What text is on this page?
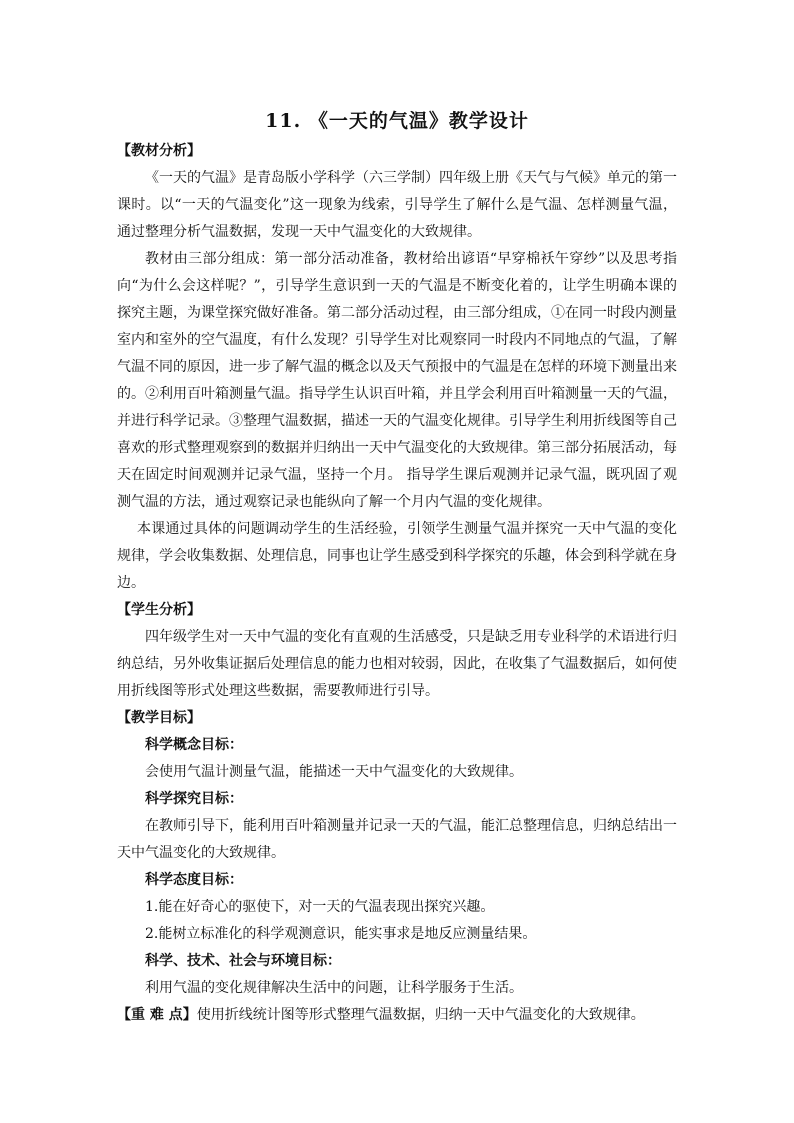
11. 《一天的气温》教学设计
【教材分析】

《一天的气温》是青岛版小学科学（六三学制）四年级上册《天气与气候》单元的第一课时。以“一天的气温变化”这一现象为线索，引导学生了解什么是气温、怎样测量气温，通过整理分析气温数据，发现一天中气温变化的大致规律。

教材由三部分组成：第一部分活动准备，教材给出谚语“早穿棉袄午穿纱”以及思考指向“为什么会这样呢？”，引导学生意识到一天的气温是不断变化着的，让学生明确本课的探究主题，为课堂探究做好准备。第二部分活动过程，由三部分组成，①在同一时段内测量室内和室外的空气温度，有什么发现？引导学生对比观察同一时段内不同地点的气温，了解气温不同的原因，进一步了解气温的概念以及天气预报中的气温是在怎样的环境下测量出来的。②利用百叶箱测量气温。指导学生认识百叶箱，并且学会利用百叶箱测量一天的气温，并进行科学记录。③整理气温数据，描述一天的气温变化规律。引导学生利用折线图等自己喜欢的形式整理观察到的数据并归纳出一天中气温变化的大致规律。第三部分拓展活动，每天在固定时间观测并记录气温，坚持一个月。 指导学生课后观测并记录气温，既巩固了观测气温的方法，通过观察记录也能纵向了解一个月内气温的变化规律。

本课通过具体的问题调动学生的生活经验，引领学生测量气温并探究一天中气温的变化规律，学会收集数据、处理信息，同事也让学生感受到科学探究的乐趣，体会到科学就在身边。

【学生分析】

四年级学生对一天中气温的变化有直观的生活感受，只是缺乏用专业科学的术语进行归纳总结，另外收集证据后处理信息的能力也相对较弱，因此，在收集了气温数据后，如何使用折线图等形式处理这些数据，需要教师进行引导。

【教学目标】
科学概念目标：

会使用气温计测量气温，能描述一天中气温变化的大致规律。

科学探究目标：

在教师引导下，能利用百叶箱测量并记录一天的气温，能汇总整理信息，归纳总结出一天中气温变化的大致规律。

科学态度目标：

1.能在好奇心的驱使下，对一天的气温表现出探究兴趣。

2.能树立标准化的科学观测意识，能实事求是地反应测量结果。

科学、技术、社会与环境目标：

利用气温的变化规律解决生活中的问题，让科学服务于生活。

【重 难 点】使用折线统计图等形式整理气温数据，归纳一天中气温变化的大致规律。
